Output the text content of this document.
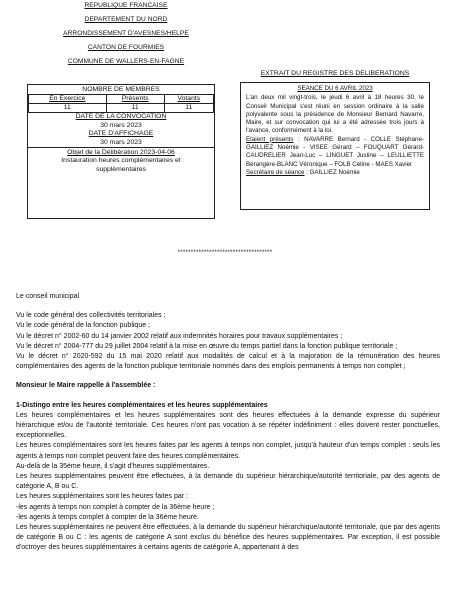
REPUBLIQUE FRANCAISE
DEPARTEMENT DU NORD
ARRONDISSEMENT D'AVESNES/HELPE
CANTON DE FOURMIES
COMMUNE DE WALLERS-EN-FAGNE
NOMBRE DE MEMBRES
En Exercice	Présents	Votants
11	11	11
DATE DE LA CONVOCATION
30 mars 2023
DATE D'AFFICHAGE
30 mars 2023
Objet de la Délibération 2023-04-06
Instauration heures complémentaires et supplémentaires
EXTRAIT DU REGISTRE DES DELIBERATIONS
SEANCE DU 6 AVRIL 2023

L'an deux mil vingt-trois, le jeudi 6 avril à 18 heures 30, le Conseil Municipal s'est réuni en session ordinaire à la salle polyvalente sous la présidence de Monsieur Bernard Navarre, Maire, et sur convocation qui lui a été adressée trois jours à l'avance, conformément à la loi.

Etaient présents : NAVARRE Bernard - COLLE Stéphane- GAILLIEZ Noémie - VISEE Gérard – FOUQUART Gérard- CAUDRELIER Jean-Luc – LINGUET Justine – LEULLIETTE Bérangère-BLANC Véronique – FOLB Céline - MAES Xavier

Secrétaire de séance : GAILLIEZ Noémie

************************************

Le conseil municipal

Vu le code général des collectivités territoriales ;

Vu le code général de la fonction publique ;

Vu le décret n° 2002-60 du 14 janvier 2002 relatif aux indemnités horaires pour travaux supplémentaires ;

Vu le décret n° 2004-777 du 29 juillet 2004 relatif à la mise en œuvre du temps partiel dans la fonction publique territoriale ;

Vu le décret n° 2020-592 du 15 mai 2020 relatif aux modalités de calcul et à la majoration de la rémunération des heures complémentaires des agents de la fonction publique territoriale nommés dans des emplois permanents à temps non complet ;

Monsieur le Maire rappelle à l'assemblée :

1-Distingo entre les heures complémentaires et les heures supplémentaires

Les heures complémentaires et les heures supplémentaires sont des heures effectuées à la demande expresse du supérieur hiérarchique et/ou de l'autorité territoriale. Ces heures n'ont pas vocation à se répéter indéfiniment : elles doivent rester ponctuelles, exceptionnelles.

Les heures complémentaires sont les heures faites par les agents à temps non complet, jusqu'à hauteur d'un temps complet : seuls les agents à temps non complet peuvent faire des heures complémentaires.

Au-delà de la 35ème heure, il s'agit d'heures supplémentaires.

Les heures supplémentaires peuvent être effectuées, à la demande du supérieur hiérarchique/autorité territoriale, par des agents de catégorie A, B ou C.

Les heures supplémentaires sont les heures faites par :

-les agents à temps non complet à compter de la 36ème heure ;

-les agents à temps complet à compter de la 36ème heure.

Les heures supplémentaires ne peuvent être effectuées, à la demande du supérieur hiérarchique/autorité territoriale, que par des agents de catégorie B ou C : les agents de catégorie A sont exclus du bénéfice des heures supplémentaires. Par exception, il est possible d'octroyer des heures supplémentaires à certains agents de catégorie A, appartenant à des
